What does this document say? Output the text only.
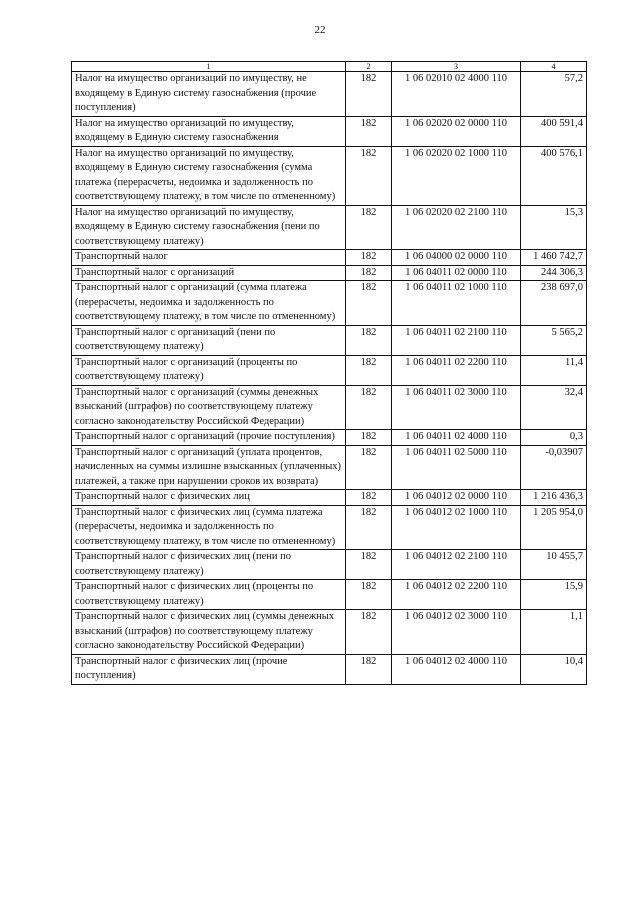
22
1	2	3	4
Налог на имущество организаций по имуществу, не входящему в Единую систему газоснабжения (прочие поступления)	182	1 06 02010 02 4000 110	57,2
Налог на имущество организаций по имуществу, входящему в Единую систему газоснабжения	182	1 06 02020 02 0000 110	400 591,4
Налог на имущество организаций по имуществу, входящему в Единую систему газоснабжения (сумма платежа (перерасчеты, недоимка и задолженность по соответствующему платежу, в том числе по отмененному)	182	1 06 02020 02 1000 110	400 576,1
Налог на имущество организаций по имуществу, входящему в Единую систему газоснабжения (пени по соответствующему платежу)	182	1 06 02020 02 2100 110	15,3
Транспортный налог	182	1 06 04000 02 0000 110	1 460 742,7
Транспортный налог с организаций	182	1 06 04011 02 0000 110	244 306,3
Транспортный налог с организаций (сумма платежа (перерасчеты, недоимка и задолженность по соответствующему платежу, в том числе по отмененному)	182	1 06 04011 02 1000 110	238 697,0
Транспортный налог с организаций (пени по соответствующему платежу)	182	1 06 04011 02 2100 110	5 565,2
Транспортный налог с организаций (проценты по соответствующему платежу)	182	1 06 04011 02 2200 110	11,4
Транспортный налог с организаций (суммы денежных взысканий (штрафов) по соответствующему платежу согласно законодательству Российской Федерации)	182	1 06 04011 02 3000 110	32,4
Транспортный налог с организаций (прочие поступления)	182	1 06 04011 02 4000 110	0,3
Транспортный налог с организаций (уплата процентов, начисленных на суммы излишне взысканных (уплаченных) платежей, а также при нарушении сроков их возврата)	182	1 06 04011 02 5000 110	-0,03907
Транспортный налог с физических лиц	182	1 06 04012 02 0000 110	1 216 436,3
Транспортный налог с физических лиц (сумма платежа (перерасчеты, недоимка и задолженность по соответствующему платежу, в том числе по отмененному)	182	1 06 04012 02 1000 110	1 205 954,0
Транспортный налог с физических лиц (пени по соответствующему платежу)	182	1 06 04012 02 2100 110	10 455,7
Транспортный налог с физических лиц (проценты по соответствующему платежу)	182	1 06 04012 02 2200 110	15,9
Транспортный налог с физических лиц (суммы денежных взысканий (штрафов) по соответствующему платежу согласно законодательству Российской Федерации)	182	1 06 04012 02 3000 110	1,1
Транспортный налог с физических лиц (прочие поступления)	182	1 06 04012 02 4000 110	10,4
